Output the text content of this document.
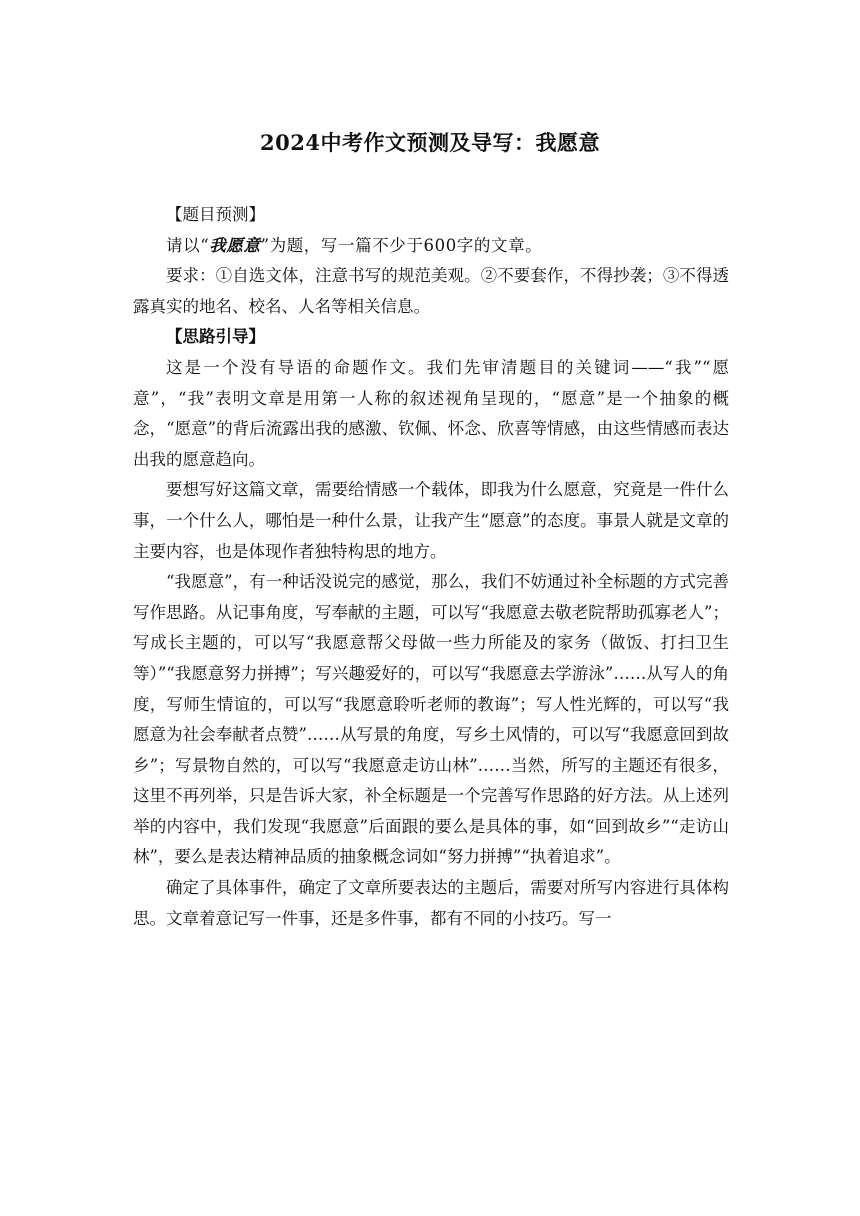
2024中考作文预测及导写：我愿意

【题目预测】

请以“我愿意”为题，写一篇不少于600字的文章。

要求：①自选文体，注意书写的规范美观。②不要套作，不得抄袭；③不得透露真实的地名、校名、人名等相关信息。

【思路引导】

这是一个没有导语的命题作文。我们先审清题目的关键词——“我”“愿意”，“我”表明文章是用第一人称的叙述视角呈现的，“愿意”是一个抽象的概念，“愿意”的背后流露出我的感激、钦佩、怀念、欣喜等情感，由这些情感而表达出我的愿意趋向。

要想写好这篇文章，需要给情感一个载体，即我为什么愿意，究竟是一件什么事，一个什么人，哪怕是一种什么景，让我产生“愿意”的态度。事景人就是文章的主要内容，也是体现作者独特构思的地方。

“我愿意”，有一种话没说完的感觉，那么，我们不妨通过补全标题的方式完善写作思路。从记事角度，写奉献的主题，可以写“我愿意去敬老院帮助孤寡老人”；写成长主题的，可以写“我愿意帮父母做一些力所能及的家务（做饭、打扫卫生等）”“我愿意努力拼搏”；写兴趣爱好的，可以写“我愿意去学游泳”……从写人的角度，写师生情谊的，可以写“我愿意聆听老师的教诲”；写人性光辉的，可以写“我愿意为社会奉献者点赞”……从写景的角度，写乡土风情的，可以写“我愿意回到故乡”；写景物自然的，可以写“我愿意走访山林”……当然，所写的主题还有很多，这里不再列举，只是告诉大家，补全标题是一个完善写作思路的好方法。从上述列举的内容中，我们发现“我愿意”后面跟的要么是具体的事，如“回到故乡”“走访山林”，要么是表达精神品质的抽象概念词如“努力拼搏”“执着追求”。

确定了具体事件，确定了文章所要表达的主题后，需要对所写内容进行具体构思。文章着意记写一件事，还是多件事，都有不同的小技巧。写一
